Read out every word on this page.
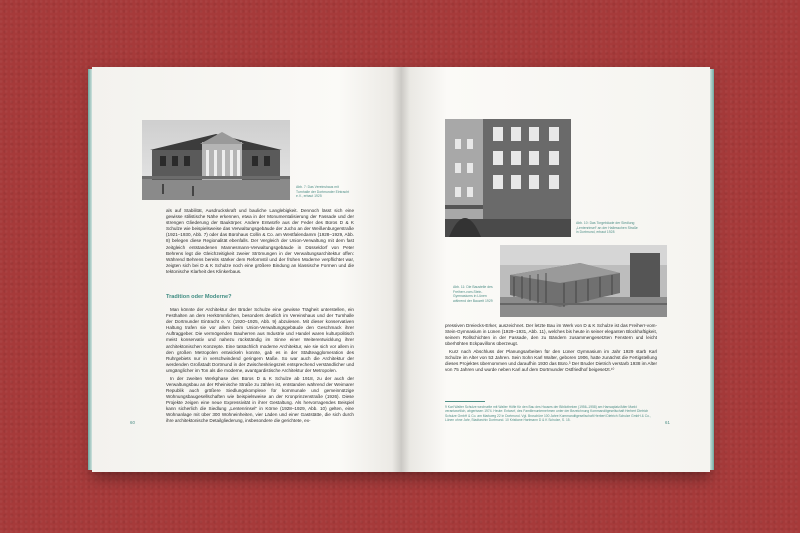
Abb. 7: Das Vereinshaus mit Turnhalle der Dortmunder Eintracht e.V., erbaut 1925

als auf Stabilität, Ausdruckskraft und bauliche Langlebigkeit. Dennoch lässt sich eine gewisse stilistische Nähe erkennen, etwa in der Monumentalisierung der Fassade und der strengen Gliederung der Baukörper. Andere Entwürfe aus der Feder des Büros D & K Schulze wie beispielsweise das Verwaltungsgebäude der Jucho an der Weißenburgerstraße (1921–1930, Abb. 7) oder das Bürohaus Collin & Co. am Westfalendamm (1928–1929, Abb. 8) belegen diese Regionalität ebenfalls. Der Vergleich der Union-Verwaltung mit dem fast zeitgleich entstandenen Mannesmann-Verwaltungsgebäude in Düsseldorf von Peter Behrens legt die Gleichzeitigkeit zweier Strömungen in der Verwaltungsarchitektur offen: Während Behrens bereits stärker dem Reformstil und der frühen Moderne verpflichtet war, zeigten sich bei D & K Schulze noch eine größere Bindung an klassische Formen und die tektonische Klarheit des Klinkerbaus.

Tradition oder Moderne?

Man könnte der Architektur der Brüder Schulze eine gewisse Trägheit unterstellen, ein Festhalten an dem Herkömmlichen, besonders deutlich im Vereinshaus und der Turnhalle der Dortmunder Eintracht e. V. (1920–1925, Abb. 9) abzulesen. Mit dieser konservativen Haltung trafen sie vor allem beim Union-Verwaltungsgebäude den Geschmack ihrer Auftraggeber. Die vermögenden Bauherren aus Industrie und Handel waren kulturpolitisch meist konservativ und nahezu rückständig im Sinne einer Weiterentwicklung ihrer architektonischen Konzepte. Eine tatsächlich moderne Architektur, wie sie sich vor allem in den großen Metropolen entwickeln konnte, gab es in der Städteagglomeration des Ruhrgebiets nur in verschwindend geringem Maße. So war auch die Architektur der werdenden Großstadt Dortmund in der Zwischenkriegszeit entsprechend verständlicher und umgänglicher im Ton als die moderne, avantgardistische Architektur der Metropolen.

In der zweiten Werkphase des Büros D & K Schulze ab 1918, zu der auch der Verwaltungsbau an der Rheinische Straße zu zählen ist, entstanden während der Weimarer Republik auch größere Siedlungskomplexe für kommunale und gemeinnützige Wohnungsbaugesellschaften wie beispielsweise an der Kronprinzenstraße (1926). Diese Projekte zeigen eine neue Expressivität in ihrer Gestaltung. Als hervorragendes Beispiel kann sicherlich die Siedlung „Lentenrinsel“ in Körne (1928–1929, Abb. 10) gelten, eine Wohnanlage mit über 300 Wohneinheiten, vier Läden und einer Gaststätte, die sich durch ihre architektonische Detailgliederung, insbesondere die gerichtete, ex-

60
Abb. 10: Das Torgebäude der Siedlung „Lentenrinsel“ an der Hallesschen Straße in Dortmund, erbaut 1928
Abb. 11: Die Baustelle des Freiherr-vom-Stein-Gymnasiums in Lünen während der Bauzeit 1929

pressiven Dreiecks-Erker, auszeichnet. Der letzte Bau im Werk von D & K Schulze ist das Freiherr-vom-Stein-Gymnasium in Lünen (1929–1931, Abb. 11), welches bis heute in seiner eleganten Blockhaftigkeit, seinem Rollschichten in der Fassade, den zu Bändern zusammengesetzten Fenstern und leicht überhöhten Eckpavillons überzeugt.

Kurz nach Abschluss der Planungsarbeiten für den Lüner Gymnasium im Jahr 1929 starb Karl Schulze im Alter von 53 Jahren. Sein Sohn Karl Walter, geboren 1906, hatte zunächst die Fertigstellung dieses Projektes übernommen und daraufhin 1930 das Büro.³ Der Bruder Dietrich verstarb 1938 im Alter von 75 Jahren und wurde neben Karl auf dem Dortmunder Ostfriedhof beigesetzt.¹⁰

9 Karl Walter Schulze wechselte mit Walter Höfle für den Bau des Hauses der Bibliotheken (1956–1958) am Hansaplatz/Alter Markt verantwortlich, abgerissen 1974. Heute: Entwurf, des Familienunternehmen unter der Bezeichnung Kommanditgesellschaft Herbert Dietrich Schulze GmbH & Co. am Markweg 22 in Dortmund. Vgl. Broschüre 100 Jahre Kommanditgesellschaft Herbert Dietrich Schulze GmbH & Co., Lünen ohne Jahr, Stadtarchiv Dortmund. 10 Kristiane Hartmann D & K Schulze, S. 15.	61
